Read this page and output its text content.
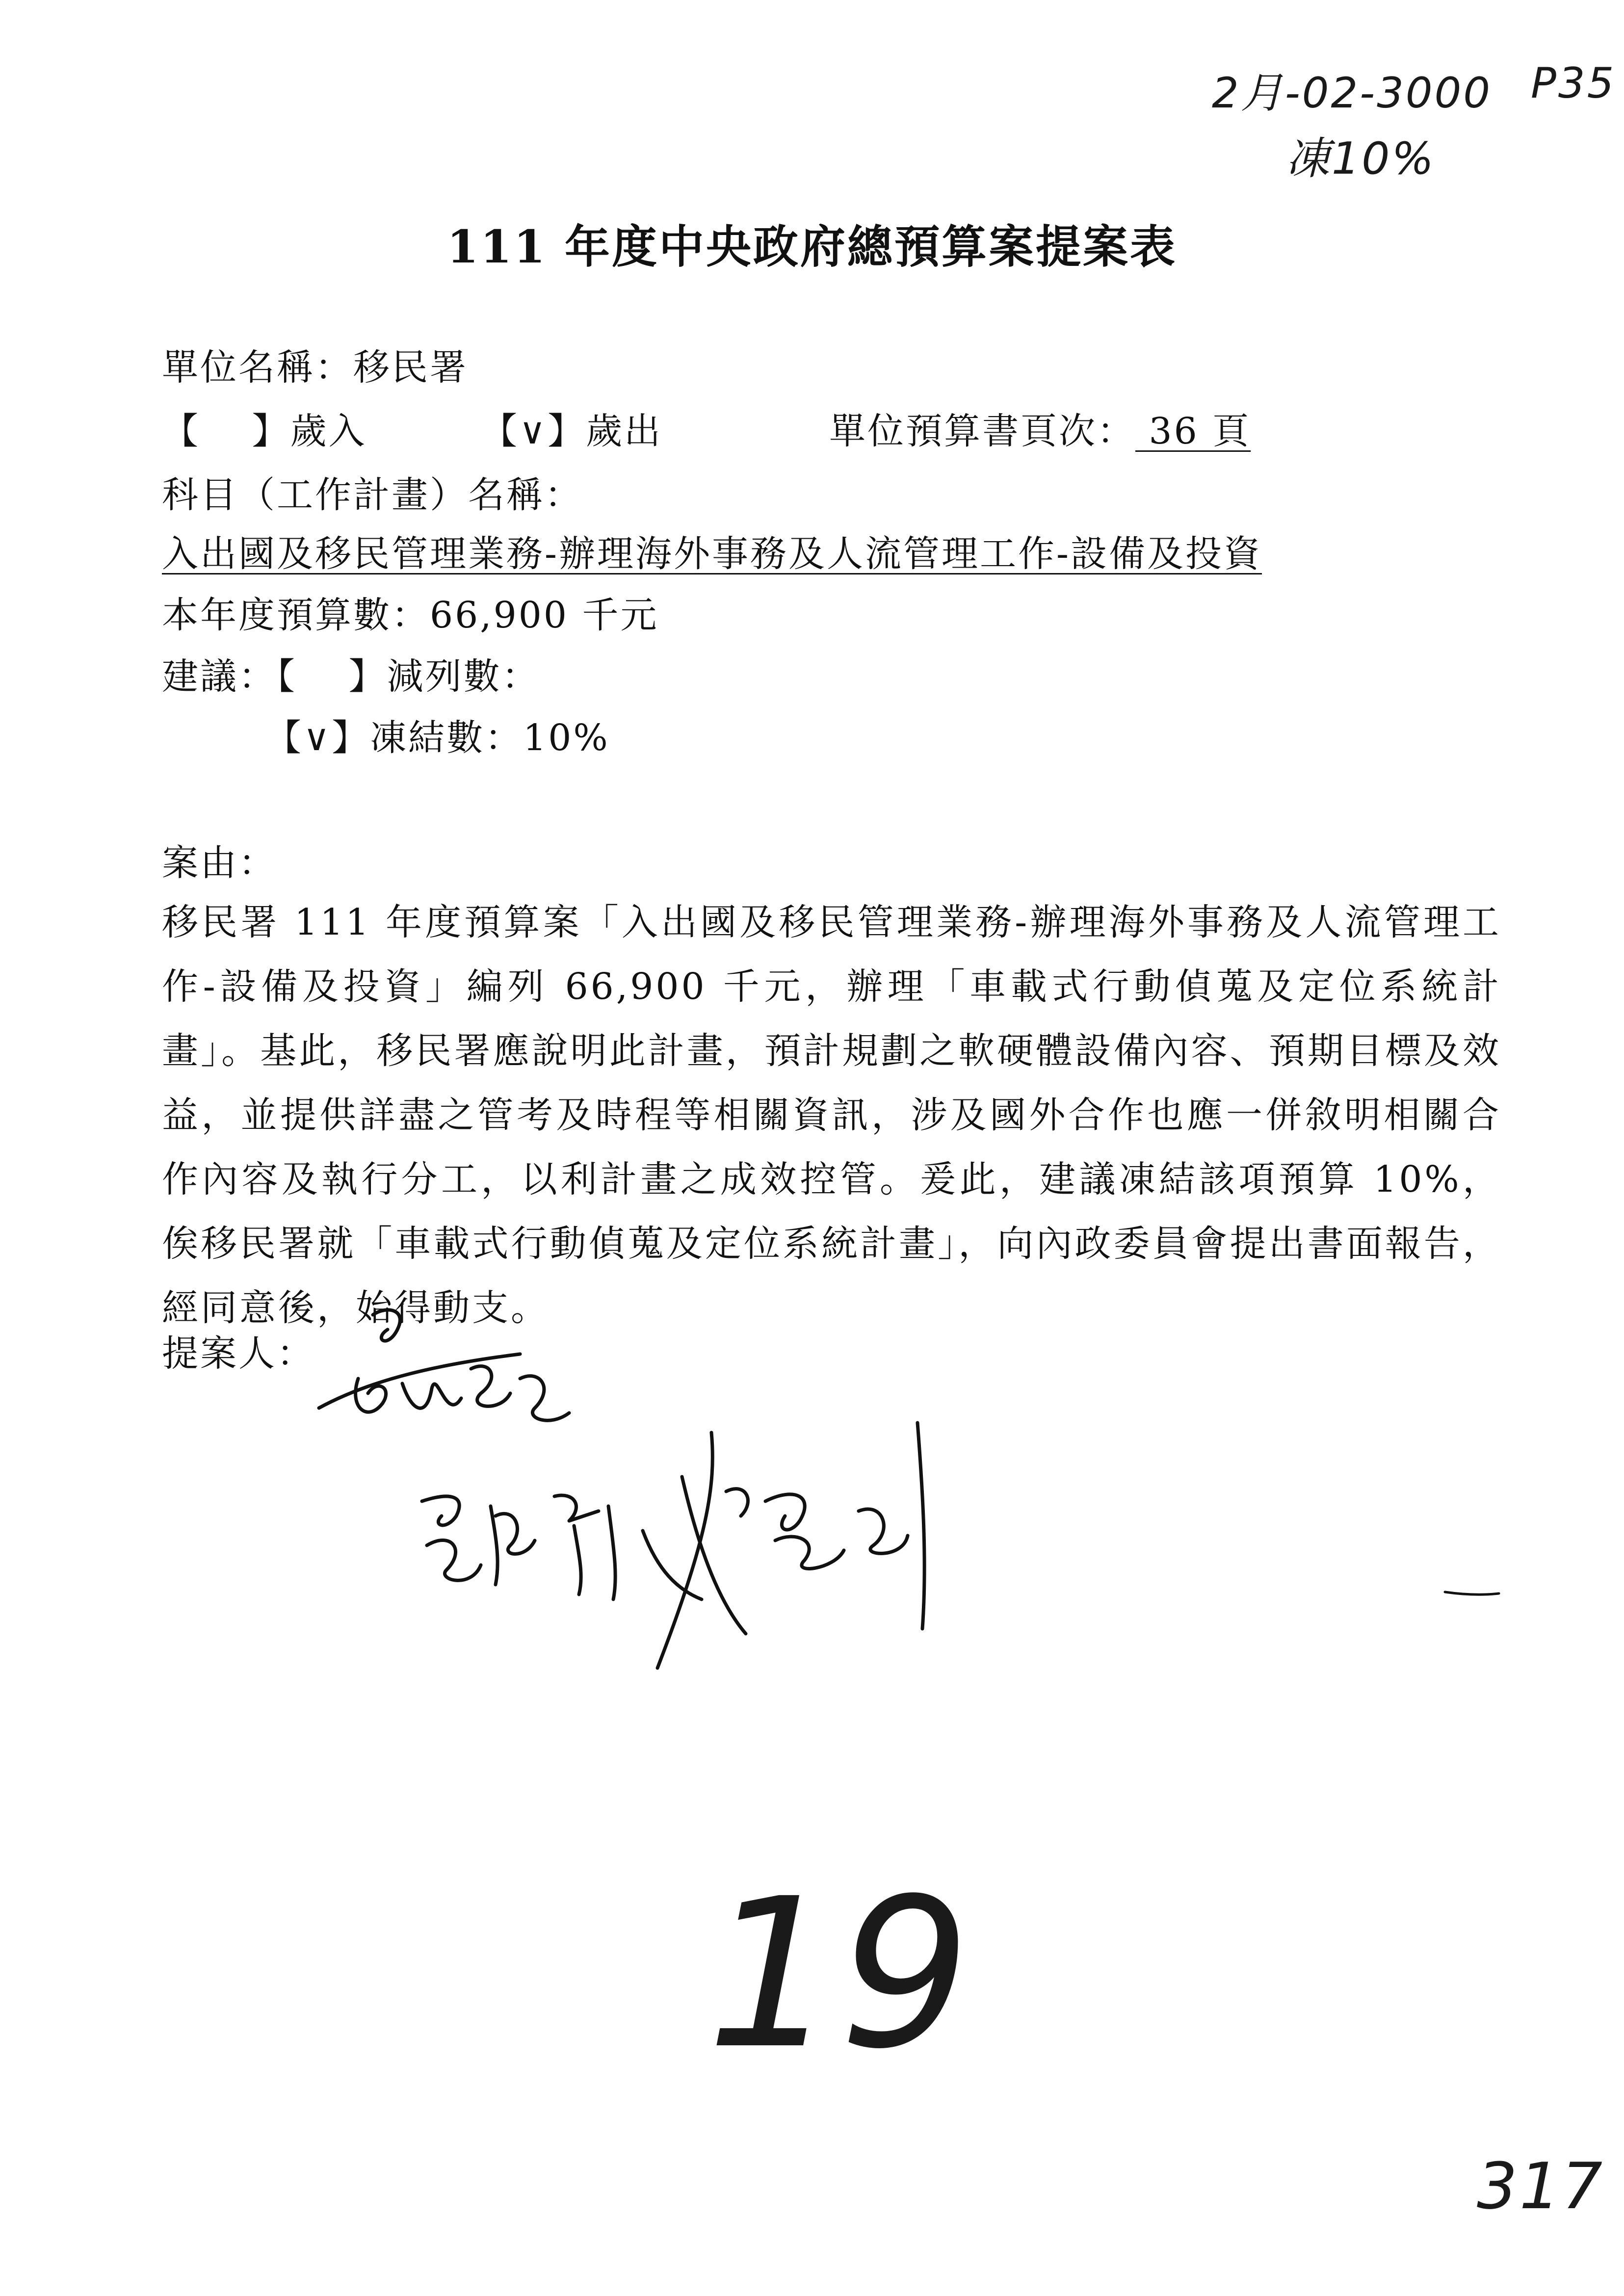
2月-02-3000 P35
凍10%
111 年度中央政府總預算案提案表
單位名稱：移民署
【　 】歲入	【∨】歲出	單位預算書頁次： 36 頁
科目（工作計畫）名稱：
入出國及移民管理業務-辦理海外事務及人流管理工作-設備及投資
本年度預算數：66,900 千元
建議：【　 】減列數：
【∨】凍結數：10%
案由：
移民署 111 年度預算案「入出國及移民管理業務-辦理海外事務及人流管理工作-設備及投資」編列 66,900 千元，辦理「車載式行動偵蒐及定位系統計畫」。基此，移民署應說明此計畫，預計規劃之軟硬體設備內容、預期目標及效益，並提供詳盡之管考及時程等相關資訊，涉及國外合作也應一併敘明相關合作內容及執行分工，以利計畫之成效控管。爰此，建議凍結該項預算 10%，俟移民署就「車載式行動偵蒐及定位系統計畫」，向內政委員會提出書面報告，經同意後，始得動支。
提案人：
19
317
